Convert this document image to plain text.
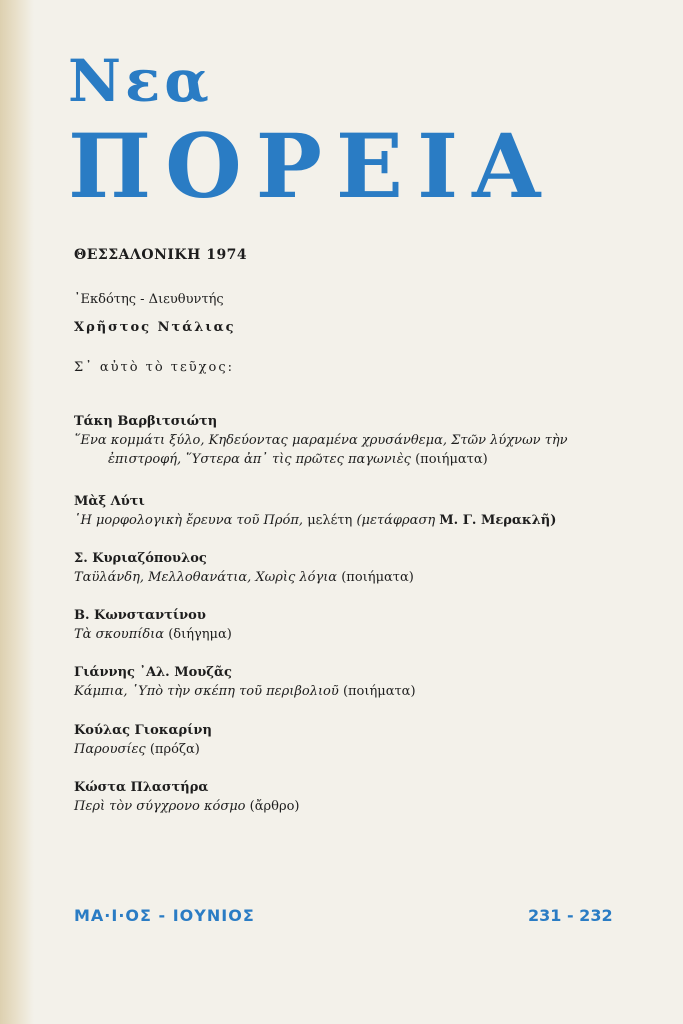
Νεα
ΠΟΡΕΙΑ
ΘΕΣΣΑΛΟΝΙΚΗ 1974
᾿Εκδότης - Διευθυντής
Χρῆστος Ντάλιας
Σ᾿ αὐτὸ τὸ τεῦχος:
Τάκη Βαρβιτσιώτη
῞Ενα κομμάτι ξύλο, Κηδεύοντας μαραμένα χρυσάνθεμα, Στῶν λύχνων τὴν
ἐπιστροφή, ῞Υστερα ἀπ᾿ τὶς πρῶτες παγωνιὲς (ποιήματα)
Μὰξ Λύτι
῾Η μορφολογικὴ ἔρευνα τοῦ Πρόπ, μελέτη (μετάφραση Μ. Γ. Μερακλῆ)
Σ. Κυριαζόπουλος
Ταϋλάνδη, Μελλοθανάτια, Χωρὶς λόγια (ποιήματα)
Β. Κωνσταντίνου
Τὰ σκουπίδια (διήγημα)
Γιάννης ᾿Αλ. Μουζᾶς
Κάμπια, ῾Υπὸ τὴν σκέπη τοῦ περιβολιοῦ (ποιήματα)
Κούλας Γιοκαρίνη
Παρουσίες (πρόζα)
Κώστα Πλαστήρα
Περὶ τὸν σύγχρονο κόσμο (ἄρθρο)
ΜΑ·Ι·ΟΣ - ΙΟΥΝΙΟΣ	231 - 232
